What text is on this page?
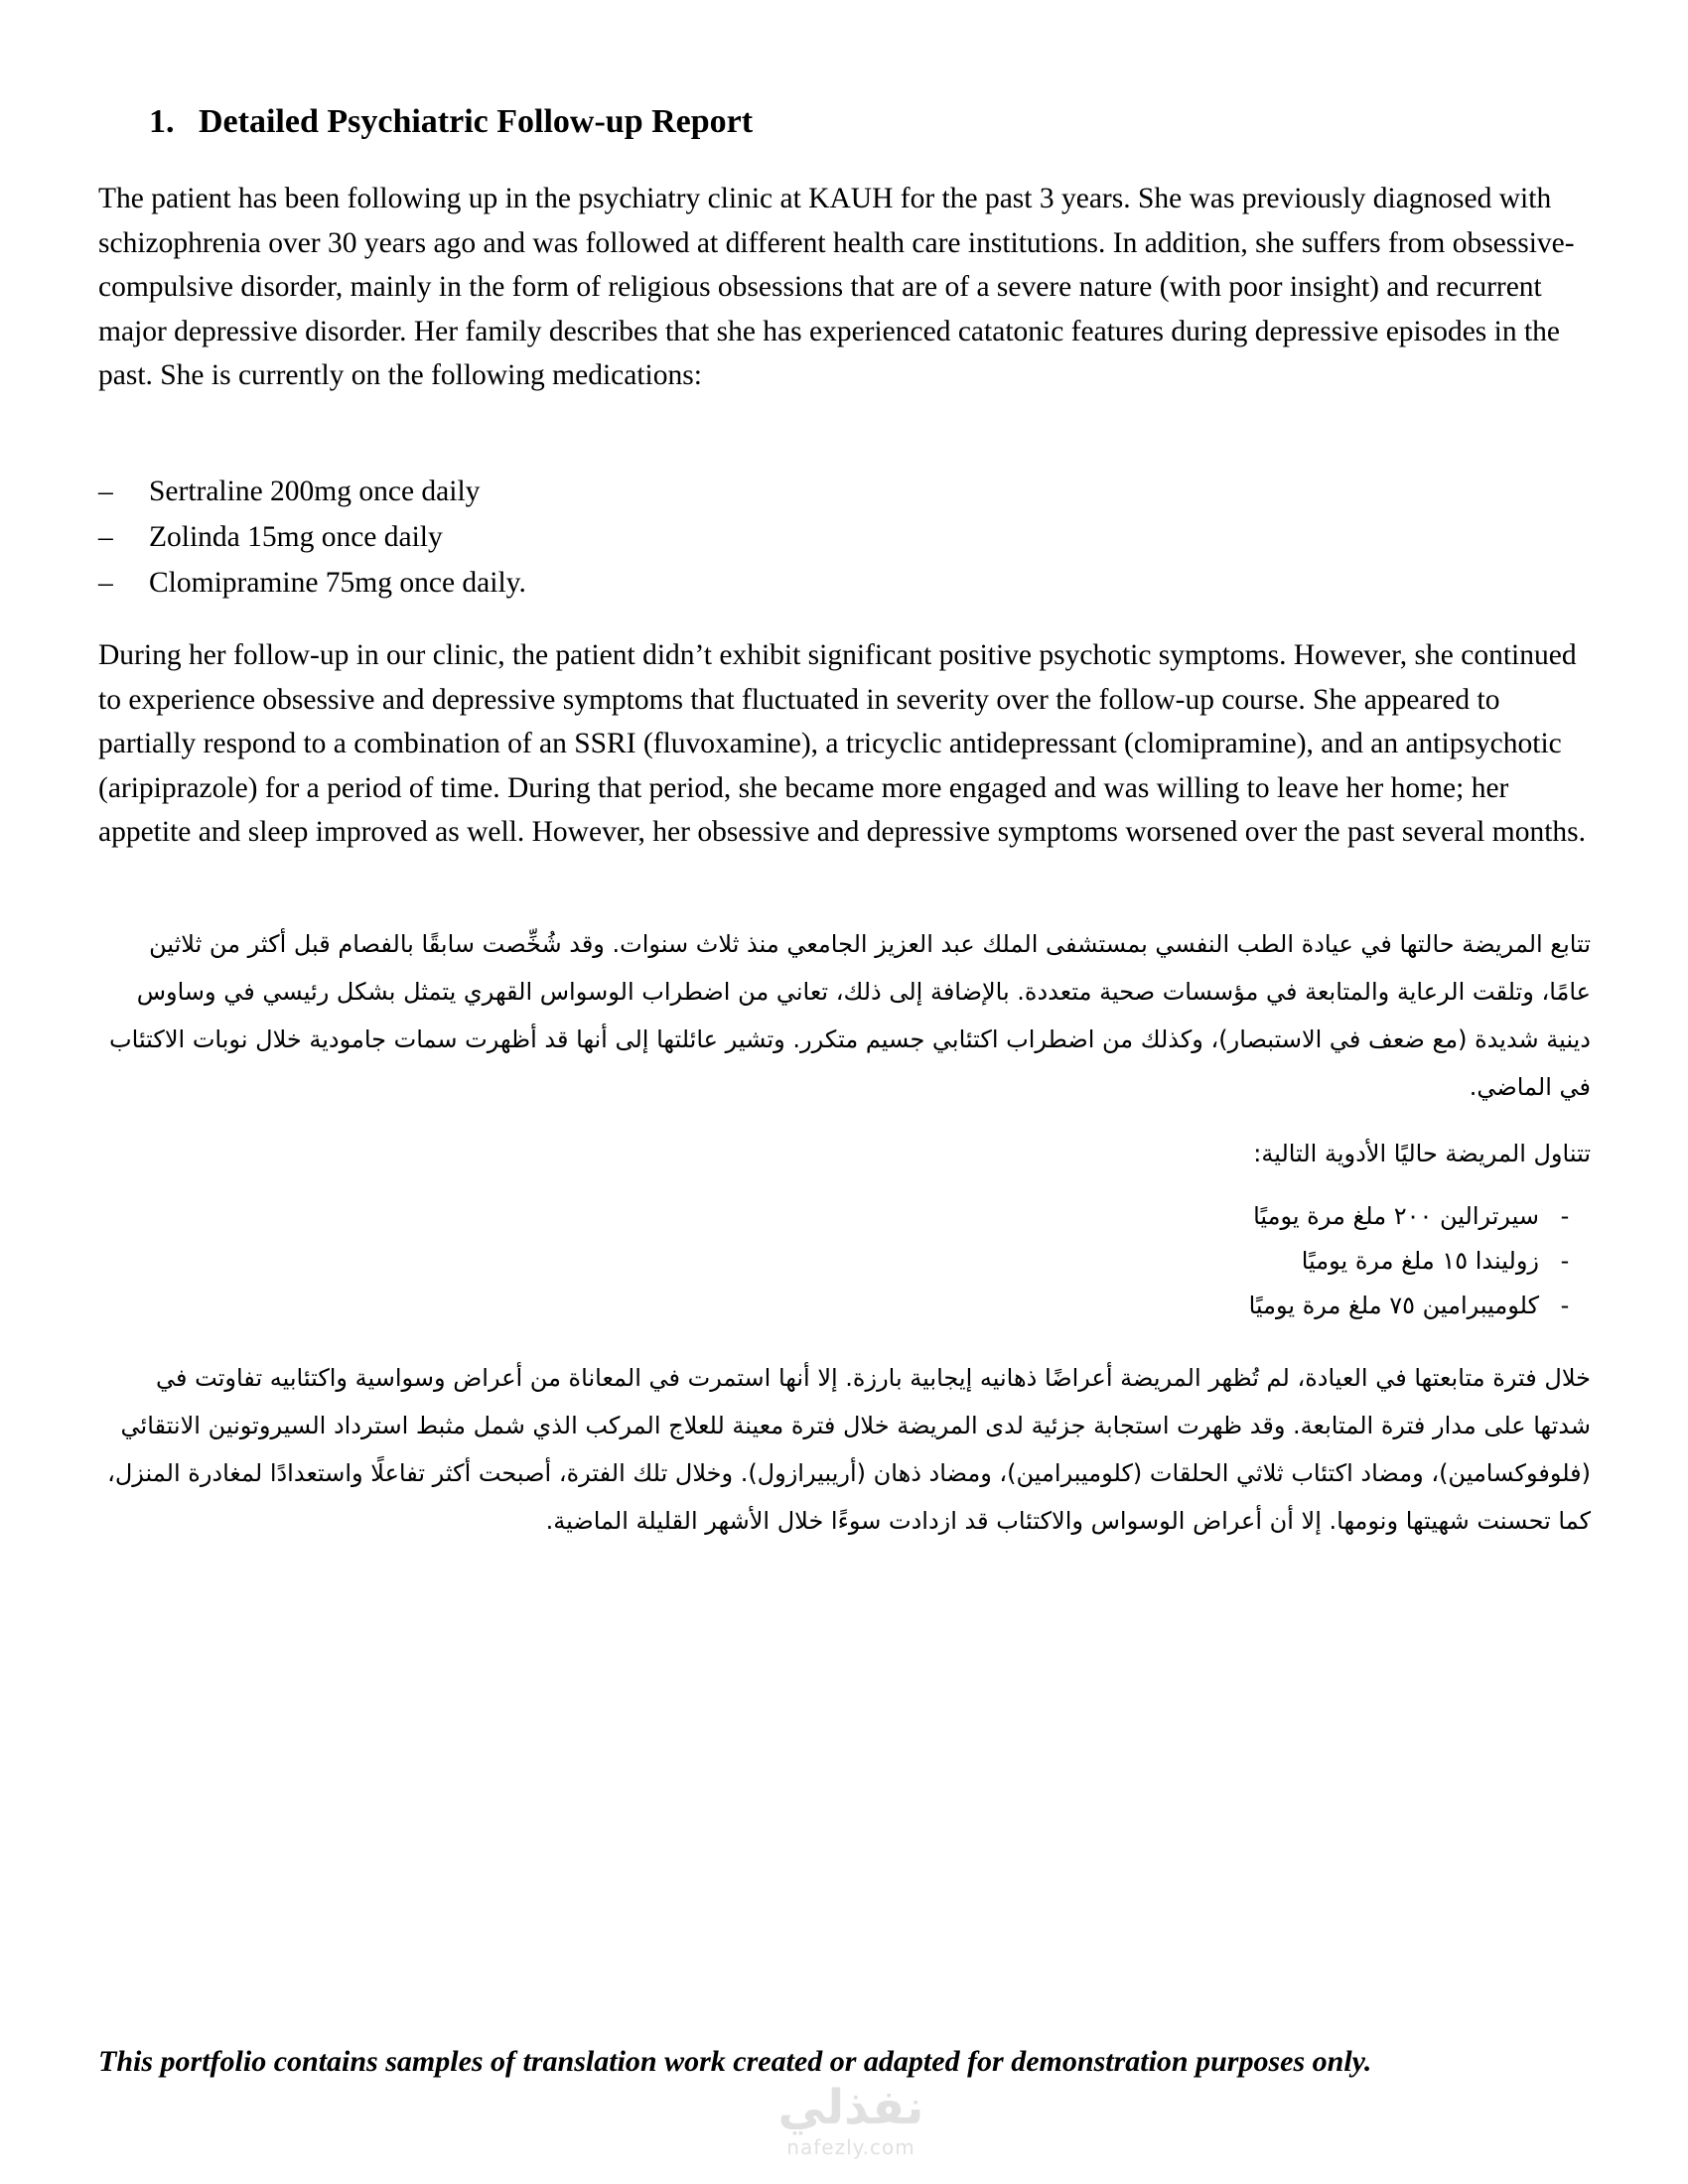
1. Detailed Psychiatric Follow-up Report

The patient has been following up in the psychiatry clinic at KAUH for the past 3 years. She was previously diagnosed with schizophrenia over 30 years ago and was followed at different health care institutions. In addition, she suffers from obsessive-compulsive disorder, mainly in the form of religious obsessions that are of a severe nature (with poor insight) and recurrent major depressive disorder. Her family describes that she has experienced catatonic features during depressive episodes in the past. She is currently on the following medications:

– Sertraline 200mg once daily
– Zolinda 15mg once daily
– Clomipramine 75mg once daily.

During her follow-up in our clinic, the patient didn’t exhibit significant positive psychotic symptoms. However, she continued to experience obsessive and depressive symptoms that fluctuated in severity over the follow-up course. She appeared to partially respond to a combination of an SSRI (fluvoxamine), a tricyclic antidepressant (clomipramine), and an antipsychotic (aripiprazole) for a period of time. During that period, she became more engaged and was willing to leave her home; her appetite and sleep improved as well. However, her obsessive and depressive symptoms worsened over the past several months.

تتابع المريضة حالتها في عيادة الطب النفسي بمستشفى الملك عبد العزيز الجامعي منذ ثلاث سنوات. وقد شُخِّصت سابقًا بالفصام قبل أكثر من ثلاثين عامًا، وتلقت الرعاية والمتابعة في مؤسسات صحية متعددة. بالإضافة إلى ذلك، تعاني من اضطراب الوسواس القهري يتمثل بشكل رئيسي في وساوس دينية شديدة (مع ضعف في الاستبصار)، وكذلك من اضطراب اكتئابي جسيم متكرر. وتشير عائلتها إلى أنها قد أظهرت سمات جامودية خلال نوبات الاكتئاب في الماضي.

تتناول المريضة حاليًا الأدوية التالية:

-سيرترالين ٢٠٠ ملغ مرة يوميًا
-زوليندا ١٥ ملغ مرة يوميًا
-كلوميبرامين ٧٥ ملغ مرة يوميًا

خلال فترة متابعتها في العيادة، لم تُظهر المريضة أعراضًا ذهانيه إيجابية بارزة. إلا أنها استمرت في المعاناة من أعراض وسواسية واكتئابيه تفاوتت في شدتها على مدار فترة المتابعة. وقد ظهرت استجابة جزئية لدى المريضة خلال فترة معينة للعلاج المركب الذي شمل مثبط استرداد السيروتونين الانتقائي (فلوفوكسامين)، ومضاد اكتئاب ثلاثي الحلقات (كلوميبرامين)، ومضاد ذهان (أريبيرازول). وخلال تلك الفترة، أصبحت أكثر تفاعلًا واستعدادًا لمغادرة المنزل، كما تحسنت شهيتها ونومها. إلا أن أعراض الوسواس والاكتئاب قد ازدادت سوءًا خلال الأشهر القليلة الماضية.

This portfolio contains samples of translation work created or adapted for demonstration purposes only.

نفذلي
nafezly.com
